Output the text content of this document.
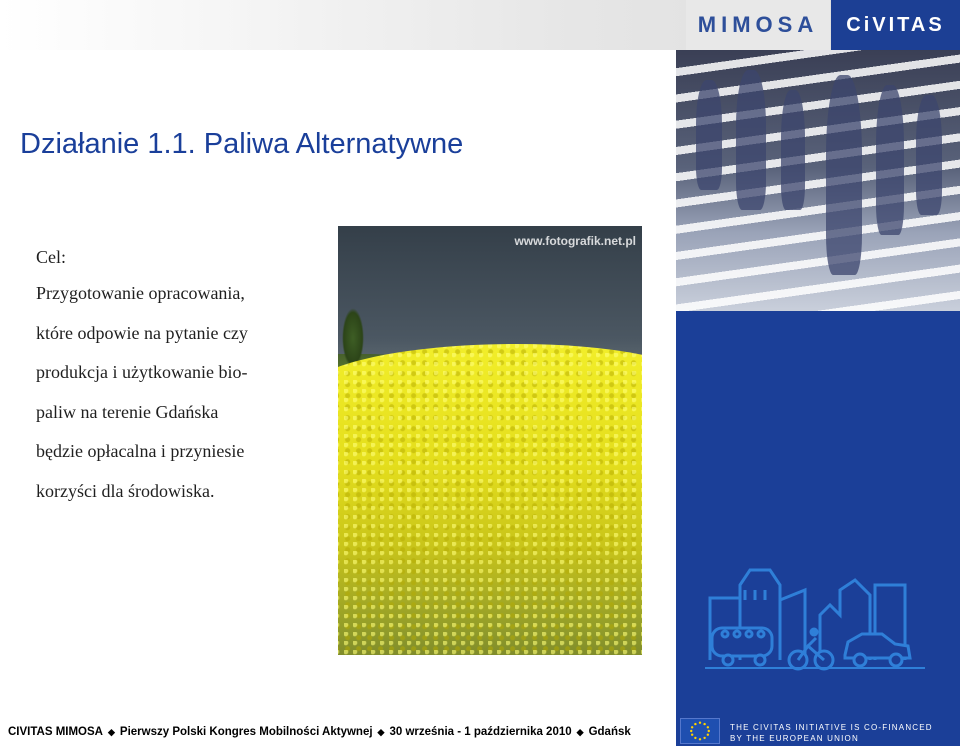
MIMOSA	CiVITAS
Działanie 1.1. Paliwa Alternatywne
Cel:
Przygotowanie opracowania,
które odpowie na pytanie czy
produkcja i użytkowanie bio-
paliw na terenie Gdańska
będzie opłacalna i przyniesie
korzyści dla środowiska.
www.fotografik.net.pl
CIVITAS MIMOSA ◆ Pierwszy Polski Kongres Mobilności Aktywnej ◆ 30 września - 1 października 2010 ◆ Gdańsk	THE CIVITAS INITIATIVE IS CO-FINANCED
BY THE EUROPEAN UNION
